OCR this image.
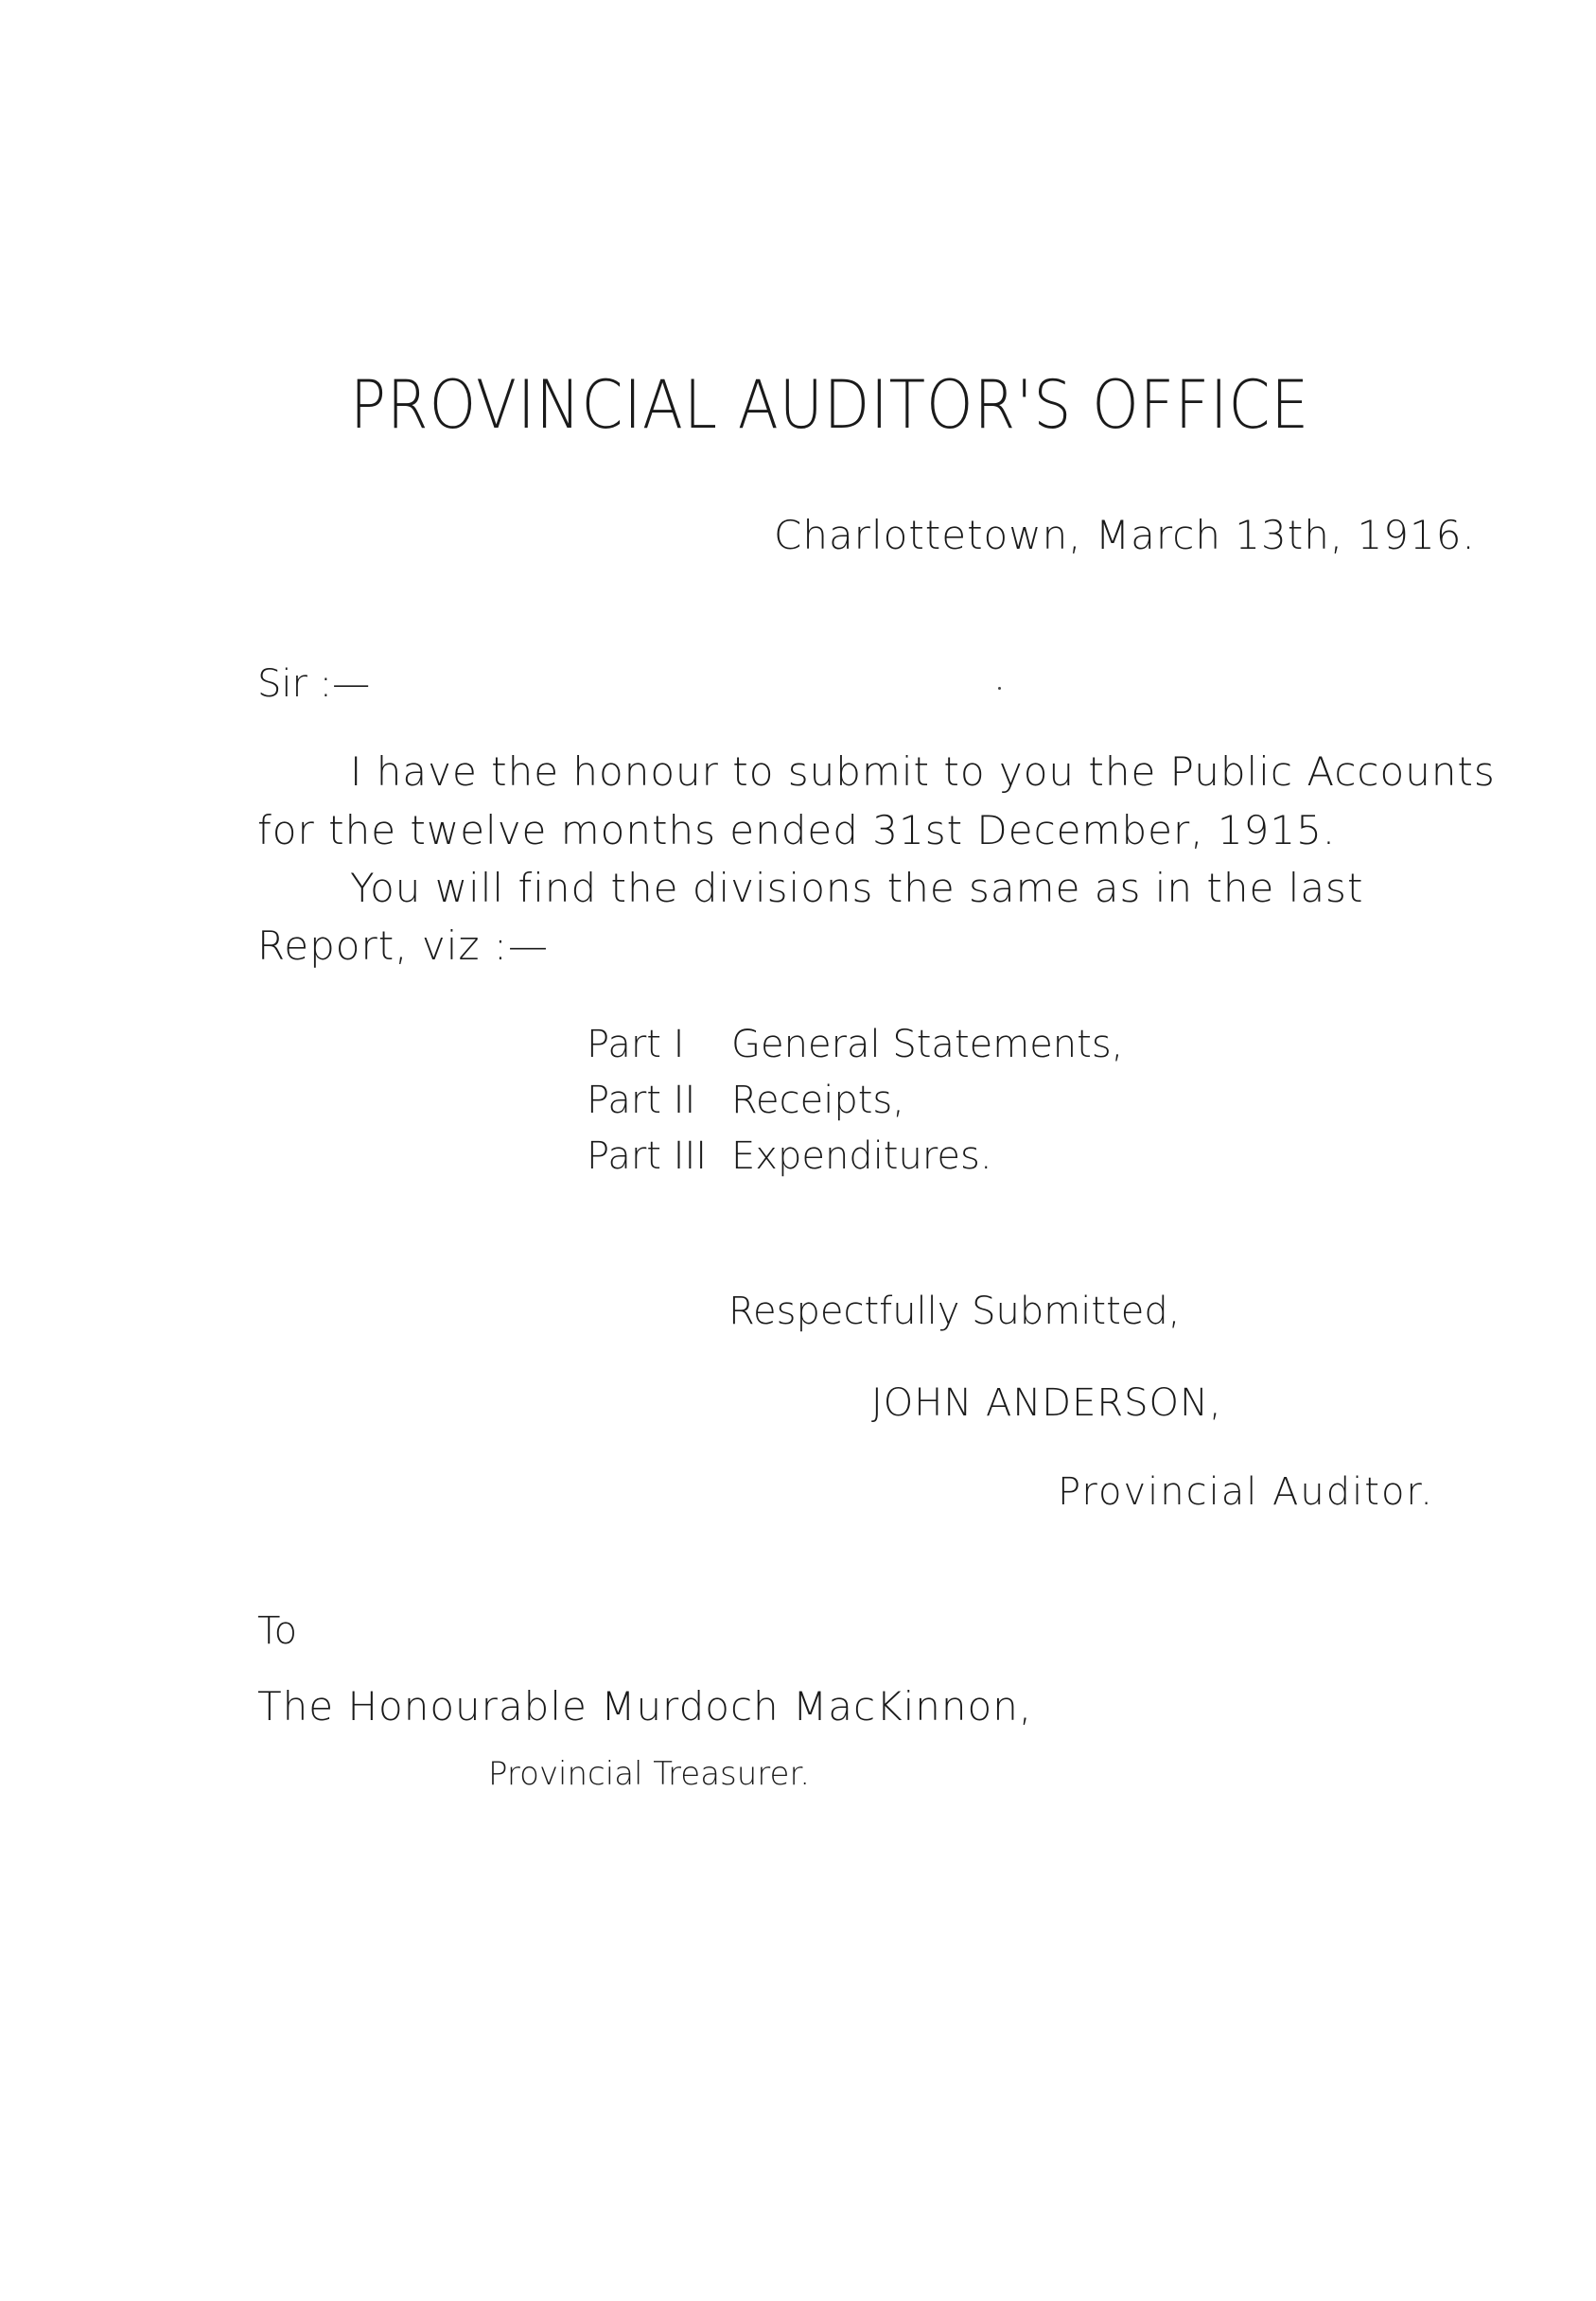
PROVINCIAL AUDITOR'S OFFICE
Charlottetown, March 13th, 1916.
Sir :—
I have the honour to submit to you the Public Accounts
for the twelve months ended 31st December, 1915.
You will find the divisions the same as in the last
Report, viz :—
Part I	General Statements,
Part II Receipts,
Part III Expenditures.
Respectfully Submitted,
JOHN ANDERSON,
Provincial Auditor.
To
The Honourable Murdoch MacKinnon,
Provincial Treasurer.
